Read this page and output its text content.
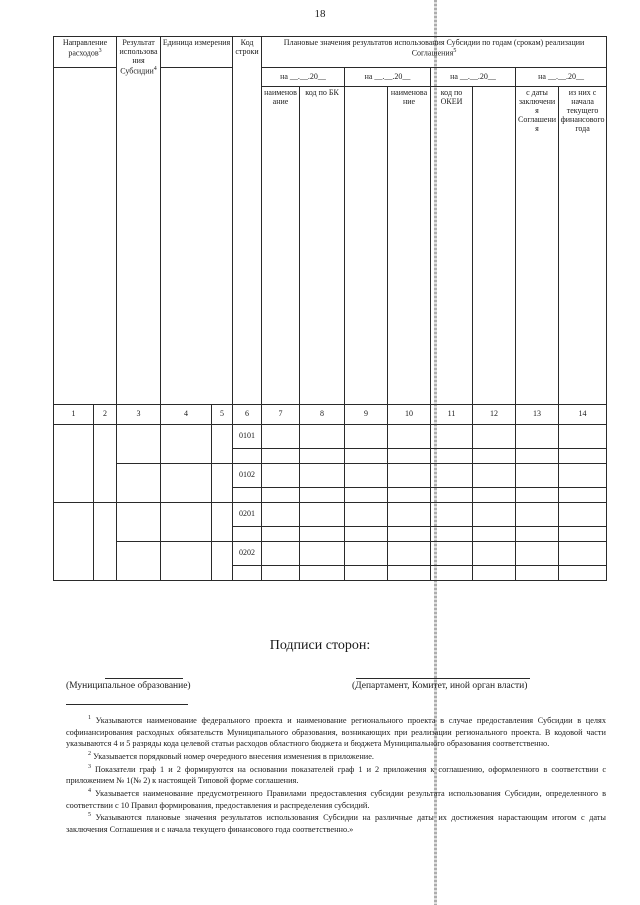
18
Направление расходов$^3$		Результат использования Субсидии$^4$	Единица измерения		Код строки	Плановые значения результатов использования Субсидии по годам (срокам) реализации Соглашения$^5$
						на __.__.20__		на __.__.20__		на __.__.20__		на __.__.20__		
						наименование	код по БК		наименование	код по ОКЕИ		с даты заключения Соглашения	из них с начала текущего финансового года						
1	2	3	4	5	6	7	8	9	10	11	12	13	14	
					0101									

					0102									

					0201									

					0202									

Подписи сторон:
(Муниципальное образование)	(Департамент, Комитет, иной орган власти)

$^1$ Указываются наименование федерального проекта и наименование регионального проекта в случае предоставления Субсидии в целях софинансирования расходных обязательств Муниципального образования, возникающих при реализации регионального проекта. В кодовой части указываются 4 и 5 разряды кода целевой статьи расходов областного бюджета и бюджета Муниципального образования соответственно.

$^2$ Указывается порядковый номер очередного внесения изменения в приложение.

$^3$ Показатели граф 1 и 2 формируются на основании показателей граф 1 и 2 приложения к соглашению, оформленного в соответствии с приложением № 1(№ 2) к настоящей Типовой форме соглашения.

$^4$ Указывается наименование предусмотренного Правилами предоставления субсидии результата использования Субсидии, определенного в соответствии с 10 Правил формирования, предоставления и распределения субсидий.

$^5$ Указываются плановые значения результатов использования Субсидии на различные даты их достижения нарастающим итогом с даты заключения Соглашения и с начала текущего финансового года соответственно.»
